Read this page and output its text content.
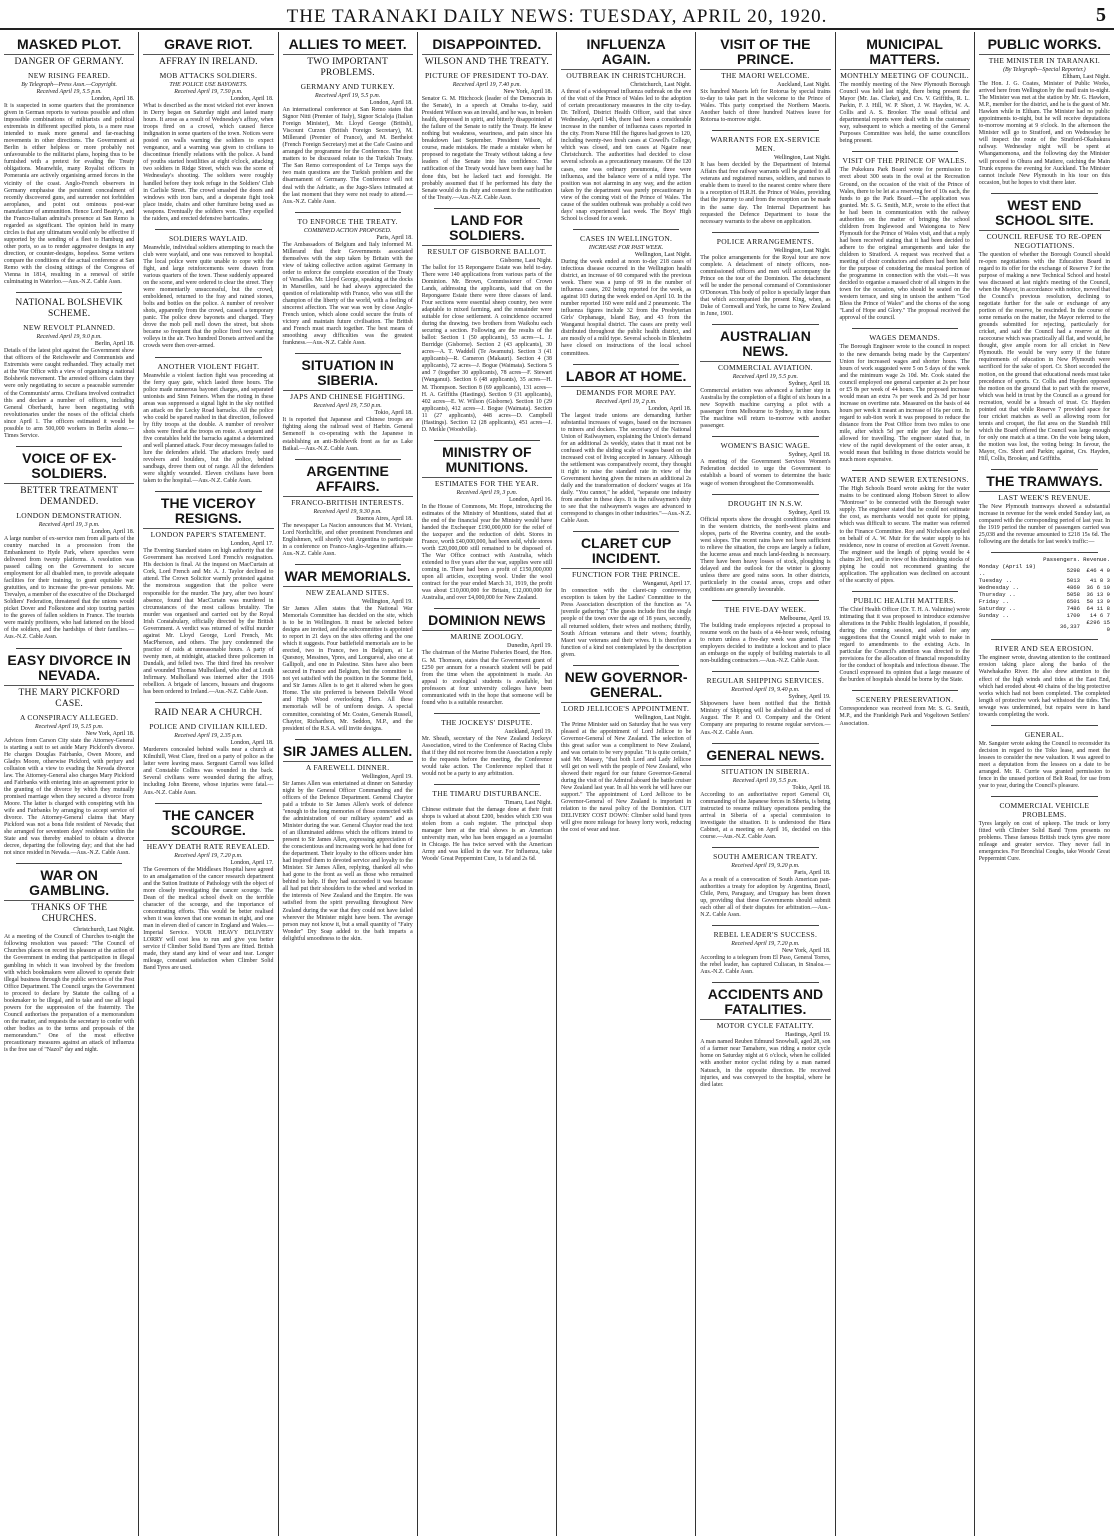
THE TARANAKI DAILY NEWS: TUESDAY, APRIL 20, 1920.	5
MASKED PLOT.
DANGER OF GERMANY.
NEW RISING FEARED.
By Telegraph—Press Assn.—Copyright.
Received April 19, 5.5 p.m.
London, April 18.

It is suspected in some quarters that the prominence given in German reports to various possible and often impossible combinations of militarists and political extremists in different specified plots, is a mere ruse intended to mask more general and far-reaching movements in other directions. The Government at Berlin is either helpless or more probably not unfavourable to the militarist plans, hoping thus to be furnished with a pretext for evading the Treaty obligations. Meanwhile, many Royalist officers in Pomerania are actively organising armed forces in the vicinity of the coast. Anglo-French observers in Germany emphasise the persistent concealment of recently discovered guns, and surrender not forbidden aeroplanes, and point out ominous post-war manufacture of ammunition. Hence Lord Beatty's, and the Franco-Italian admiral's presence at San Remo is regarded as significant. The opinion held in many circles is that any ultimatum would only be effective if supported by the sending of a fleet to Hamburg and other ports, so as to render aggressive designs in any direction, or counter-designs, hopeless. Some writers compare the conditions of the actual conference at San Remo with the closing sittings of the Congress of Vienna in 1814, resulting in a renewal of strife culminating in Waterloo.—Aus.-N.Z. Cable Assn.

NATIONAL BOLSHEVIK SCHEME.
NEW REVOLT PLANNED.
Received April 19, 9.0 p.m.
Berlin, April 18.

Details of the latest plot against the Government show that officers of the Reichswehr and Communists and Extremists were caught redhanded. They actually met at the War Office with a view of organising a national Bolshevik movement. The arrested officers claim they were only negotiating to secure a peaceable surrender of the Communists' arms. Civilians involved contradict this and declare a number of officers, including General Oberhardt, have been negotiating with revolutionaries under the noses of the official chiefs since April 1. The officers estimated it would be possible to arm 500,000 workers in Berlin alone.—Times Service.

VOICE OF EX-SOLDIERS.
BETTER TREATMENT DEMANDED.
LONDON DEMONSTRATION.
Received April 19, 3 p.m.
London, April 18.

A large number of ex-service men from all parts of the country marched in a procession from the Embankment to Hyde Park, where speeches were delivered from twenty platforms. A resolution was passed calling on the Government to secure employment for all disabled men, to provide adequate facilities for their training, to grant equitable war gratuities, and to increase the pre-war pensions. Mr. Trevalyn, a member of the executive of the Discharged Soldiers' Federation, threatened that the unions would picket Dover and Folkestone and stop touring parties to the graves of fallen soldiers in France. The tourists were mainly profiteers, who had fattened on the blood of the soldiers, and the hardships of their families.—Aus.-N.Z. Cable Assn.

EASY DIVORCE IN NEVADA.
THE MARY PICKFORD CASE.
A CONSPIRACY ALLEGED.
Received April 19, 5.15 p.m.
New York, April 18.

Advices from Carson City state the Attorney-General is starting a suit to set aside Mary Pickford's divorce. He charges Douglas Fairbanks, Owen Moore, and Gladys Moore, otherwise Pickford, with perjury and collusion with a view to evading the Nevada divorce law. The Attorney-General also charges Mary Pickford and Fairbanks with entering into an agreement prior to the granting of the divorce by which they mutually promised marriage when they secured a divorce from Moore. The latter is charged with conspiring with his wife and Fairbanks by arranging to accept service of divorce. The Attorney-General claims that Mary Pickford was not a bona fide resident of Nevada; that she arranged for seventeen days' residence within the State and was thereby enabled to obtain a divorce decree, departing the following day; and that she had not since resided in Nevada.—Aus.-N.Z. Cable Assn.

WAR ON GAMBLING.
THANKS OF THE CHURCHES.
Christchurch, Last Night.

At a meeting of the Council of Churches to-night the following resolution was passed: "The Council of Churches places on record its pleasure at the action of the Government in ending that participation in illegal gambling in which it was involved by the freedom with which bookmakers were allowed to operate their illegal business through the public services of the Post Office Department. The Council urges the Government to proceed to declare by Statute the calling of a bookmaker to be illegal, and to take and use all legal powers for the suppression of the fraternity. The Council authorises the preparation of a memorandum on the matter, and requests the secretary to confer with other bodies as to the terms and proposals of the memorandum." One of the most effective precautionary measures against an attack of influenza is the free use of "Nazol" day and night.

GRAVE RIOT.
AFFRAY IN IRELAND.
MOB ATTACKS SOLDIERS.
THE POLICE USE BAYONETS.
Received April 19, 7.50 p.m.
London, April 18.

What is described as the most wicked riot ever known in Derry began on Saturday night and lasted many hours. It arose as a result of Wednesday's affray, when troops fired on a crowd, which caused fierce indignation in some quarters of the town. Notices were posted on walls warning the soldiers to expect vengeance, and a warning was given to civilians to discontinue friendly relations with the police. A band of youths started hostilities at eight o'clock, attacking two soldiers in Ridge Street, which was the scene of Wednesday's shooting. The soldiers were roughly handled before they took refuge in the Soldiers' Club in Carlisle Street. The crowd smashed the doors and windows with iron bars, and a desperate fight took place inside, chairs and other furniture being used as weapons. Eventually the soldiers won. They expelled the raiders, and erected defensive barricades.

SOLDIERS WAYLAID.

Meanwhile, individual soldiers attempting to reach the club were waylaid, and one was removed to hospital. The local police were quite unable to cope with the fight, and large reinforcements were drawn from various quarters of the town. These suddenly appeared on the scene, and were ordered to clear the street. They were momentarily unsuccessful, but the crowd, emboldened, returned to the fray and rained stones, bolts and bottles on the police. A number of revolver shots, apparently from the crowd, caused a temporary panic. The police drew bayonets and charged. They drove the mob pell mell down the street, but shots became so frequent that the police fired two warning volleys in the air. Two hundred Dorsets arrived and the crowds were then over-armed.

ANOTHER VIOLENT FIGHT.

Meanwhile a violent faction fight was proceeding at the ferry quay gate, which lasted three hours. The police made numerous bayonet charges, and separated unionists and Sinn Feiners. When the rioting in these areas was suppressed a signal light in the sky notified an attack on the Lecky Road barracks. All the police who could be spared rushed in that direction, followed by fifty troops at the double. A number of revolver shots were fired at the troops en route. A sergeant and five constables held the barracks against a determined and well planned attack. Four decoy messages failed to lure the defenders afield. The attackers freely used revolvers and boulders, but the police, behind sandbags, drove them out of range. All the defenders were slightly wounded. Eleven civilians have been taken to the hospital.—Aus.-N.Z. Cable Assn.

THE VICEROY RESIGNS.
LONDON PAPER'S STATEMENT.
London, April 17.

The Evening Standard states on high authority that the Government has received Lord French's resignation. His decision is final. At the inquest on MacCurtain at Cork, Lord French and Mr. A. J. Taylor declined to attend. The Crown Solicitor warmly protested against the monstrous suggestion that the police were responsible for the murder. The jury, after two hours' absence, found that MacCurtain was murdered in circumstances of the most callous brutality. The murder was organised and carried out by the Royal Irish Constabulary, officially directed by the British Government. A verdict was returned of wilful murder against Mr. Lloyd George, Lord French, Mr. MacPherson, and others. The jury condemned the practice of raids at unreasonable hours. A party of twenty men, at midnight, attacked three policemen in Dundalk, and felled two. The third fired his revolver and wounded Thomas Mulholland, who died at Louth Infirmary. Mulholland was interned after the 1916 rebellion. A brigade of lancers, hussars and dragoons has been ordered to Ireland.—Aus.-N.Z. Cable Assn.

RAID NEAR A CHURCH.
POLICE AND CIVILIAN KILLED.
Received April 19, 2.35 p.m.
London, April 18.

Murderers concealed behind walls near a church at Kilmihill, West Clare, fired on a party of police as the latter were leaving mass. Sergeant Carroll was killed and Constable Collins was wounded in the back. Several civilians were wounded during the affray, including John Breene, whose injuries were fatal.—Aus.-N.Z. Cable Assn.

THE CANCER SCOURGE.
HEAVY DEATH RATE REVEALED.
Received April 19, 7.20 p.m.
London, April 17.

The Governors of the Middlesex Hospital have agreed to an amalgamation of the cancer research department and the Sutton Institute of Pathology with the object of more closely investigating the cancer scourge. The Dean of the medical school dwelt on the terrible character of the scourge, and the importance of concentrating efforts. This would be better realised when it was known that one woman in eight, and one man in eleven died of cancer in England and Wales.—Imperial Service. YOUR HEAVY DELIVERY LORRY will cost less to run and give you better service if Climber Solid Band Tyres are fitted. British made, they stand any kind of wear and tear. Longer mileage, constant satisfaction when Climber Solid Band Tyres are used.

ALLIES TO MEET.
TWO IMPORTANT PROBLEMS.
GERMANY AND TURKEY.
Received April 19, 5.5 p.m.
London, April 18.

An international conference at San Remo states that Signor Nitti (Premier of Italy), Signor Scialoja (Italian Foreign Minister), Mr. Lloyd George (British), Viscount Curzon (British Foreign Secretary), M. Millerand (Premier of France), and M. Berthelot (French Foreign Secretary) met at the Cafe Casino and arranged the programme for the Conference. The first matters to be discussed relate to the Turkish Treaty. The San Remo correspondent of Le Temps says the two main questions are the Turkish problem and the disarmament of Germany. The Conference will not deal with the Adriatic, as the Jugo-Slavs intimated at the last moment that they were not ready to attend.—Aus.-N.Z. Cable Assn.

TO ENFORCE THE TREATY.
COMBINED ACTION PROPOSED.
Paris, April 18.

The Ambassadors of Belgium and Italy informed M. Millerand that their Governments associated themselves with the step taken by Britain with the view of taking collective action against Germany in order to enforce the complete execution of the Treaty of Versailles. Mr. Lloyd George, speaking at the docks in Marseilles, said he had always appreciated the question of relationship with France, who was still the champion of the liberty of the world, with a feeling of sincerest affection. The war was won by close Anglo-French union, which alone could secure the fruits of victory and maintain future civilisation. The British and French must march together. The best means of smoothing away difficulties was the greatest frankness.—Aus.-N.Z. Cable Assn.

SITUATION IN SIBERIA.
JAPS AND CHINESE FIGHTING.
Received April 19, 7.50 p.m.
Tokio, April 18.

It is reported that Japanese and Chinese troops are fighting along the railroad west of Harbin. General Semenoff is co-operating with the Japanese in establishing an anti-Bolshevik front as far as Lake Baikal.—Aus.-N.Z. Cable Assn.

ARGENTINE AFFAIRS.
FRANCO-BRITISH INTERESTS.
Received April 19, 9.30 p.m.
Buenos Aires, April 18.

The newspaper La Nacion announces that M. Viviani, Lord Northcliffe, and other prominent Frenchmen and Englishmen, will shortly visit Argentina to participate in a conference on Franco-Anglo-Argentine affairs.—Aus.-N.Z. Cable Assn.

WAR MEMORIALS.
NEW ZEALAND SITES.
Wellington, April 19.

Sir James Allen states that the National War Memorials Committee has decided on the site, which is to be in Wellington. It must be selected before designs are invited, and the subcommittee is appointed to report in 21 days on the sites offering and the one which it suggests. Four battlefield memorials are to be erected, two in France, two in Belgium, at Le Quesnoy, Messines, Ypres, and Longueval, also one at Gallipoli, and one in Palestine. Sites have also been secured in France and Belgium, but the committee is not yet satisfied with the position in the Somme field, and Sir James Allen is to get it altered when he goes Home. The site preferred is between Delville Wood and High Wood overlooking Flers. All these memorials will be of uniform design. A special committee, consisting of Mr. Coates, Generals Russell, Chaytor, Richardson, Mr. Seddon, M.P., and the president of the R.S.A. will invite designs.

SIR JAMES ALLEN.
A FAREWELL DINNER.
Wellington, April 19.

Sir James Allen was entertained at dinner on Saturday night by the General Officer Commanding and the officers of the Defence Department. General Chaytor paid a tribute to Sir James Allen's work of defence "enough to the long memories of those connected with the administration of our military system" and as Minister during the war. General Chaytor read the text of an illuminated address which the officers intend to present to Sir James Allen, expressing appreciation of the conscientious and increasing work he had done for the department. Their loyalty to the officers under him had inspired them to devoted service and loyalty to the Minister. Sir James Allen, replying, thanked all who had gone to the front as well as those who remained behind to help. If they had succeeded it was because all had put their shoulders to the wheel and worked in the interests of New Zealand and the Empire. He was satisfied from the spirit prevailing throughout New Zealand during the war that they could not have failed wherever the Minister might have been. The average person may not know it, but a small quantity of "Fairy Wonder" Dry Soap added to the bath imparts a delightful smoothness to the skin.

DISAPPOINTED.
WILSON AND THE TREATY.
PICTURE OF PRESIDENT TO-DAY.
Received April 19, 7.40 p.m.
New York, April 18.

Senator G. M. Hitchcock (leader of the Democrats in the Senate), in a speech at Omaha to-day, said President Wilson was an invalid, and he was, in broken health, depressed in spirit, and bitterly disappointed at the failure of the Senate to ratify the Treaty. He knew nothing but weakness, weariness, and pain since his breakdown last September. President Wilson, of course, made mistakes. He made a mistake when he proposed to negotiate the Treaty without taking a few leaders of the Senate into his confidence. The ratification of the Treaty would have been easy had he done this, but he lacked tact and foresight. He probably assumed that if he performed his duty the Senate would do its duty and consent to the ratification of the Treaty.—Aus.-N.Z. Cable Assn.

LAND FOR SOLDIERS.
RESULT OF GISBORNE BALLOT.
Gisborne, Last Night.

The ballot for 15 Repongaere Estate was held to-day. There were 140 applications from various parts of the Dominion. Mr. Brown, Commissioner of Crown Lands, addressing the applicants, said that on the Repongaere Estate there were three classes of land. Four sections were essential sheep country, two were adaptable to mixed farming, and the remainder were suitable for close settlement. A coincidence occurred during the drawing, two brothers from Waikohu each securing a section. Following are the results of the ballot: Section 1 (50 applicants), 53 acres—L. J. Burridge (Gisborne). Section 2 (43 applicants), 30 acres—A. T. Waddell (Te Awamutu). Section 3 (41 applicants)—R. Cameron (Makauri). Section 4 (38 applicants), 72 acres—J. Bogue (Waimata). Sections 5 and 7 (together 30 applicants), 78 acres—F. Stewart (Wanganui). Section 6 (48 applicants), 35 acres—H. M. Thompson. Section 8 (69 applicants), 131 acres—H. A. Griffiths (Hastings). Section 9 (31 applicants), 402 acres—E. W. Wilson (Gisborne). Section 10 (29 applicants), 412 acres—J. Bogue (Waimata). Section 11 (27 applicants), 448 acres—D. Campbell (Hastings). Section 12 (28 applicants), 451 acres—J. D. Meikle (Woodville).

MINISTRY OF MUNITIONS.
ESTIMATES FOR THE YEAR.
Received April 19, 3 p.m.
London, April 16.

In the House of Commons, Mr. Hope, introducing the estimates of the Ministry of Munitions, stated that at the end of the financial year the Ministry would have handed the Exchequer £190,000,000 for the relief of the taxpayer and the reduction of debt. Stores in France, worth £40,000,000, had been sold, while stores worth £20,000,000 still remained to be disposed of. The War Office contract with Australia, which extended to five years after the war, supplies were still coming in. There had been a profit of £150,000,000 upon all articles, excepting wool. Under the wool contract for the year ended March 31, 1919, the profit was about £10,000,000 for Britain, £12,000,000 for Australia, and over £4,000,000 for New Zealand.

DOMINION NEWS
MARINE ZOOLOGY.
Dunedin, April 19.

The chairman of the Marine Fisheries Board, the Hon. G. M. Thomson, states that the Government grant of £250 per annum for a research student will be paid from the time when the appointment is made. An appeal to zoological students is available, but professors at four university colleges have been communicated with in the hope that someone will be found who is a suitable researcher.

THE JOCKEYS' DISPUTE.
Auckland, April 19.

Mr. Sheath, secretary of the New Zealand Jockeys' Association, wired to the Conference of Racing Clubs that if they did not receive from the Association a reply to the requests before the meeting, the Conference would take action. The Conference replied that it would not be a party to any arbitration.

THE TIMARU DISTURBANCE.
Timaru, Last Night.

Chinese estimate that the damage done at their fruit shops is valued at about £200, besides which £30 was stolen from a cash register. The principal shop manager here at the trial shows is an American university man, who has been engaged as a journalist in Chicago. He has twice served with the American Army and was killed in the war. For Influenza, take Woods' Great Peppermint Cure, 1s 6d and 2s 6d.

INFLUENZA AGAIN.
OUTBREAK IN CHRISTCHURCH.
Christchurch, Last Night.

A threat of a widespread influenza outbreak on the eve of the visit of the Prince of Wales led to the adoption of certain precautionary measures in the city to-day. Dr. Telford, District Health Officer, said that since Wednesday, April 14th, there had been a considerable increase in the number of influenza cases reported in the city. From Nurse Hill the figures had grown to 120, including twenty-two fresh cases at Cowell's College, which was closed, and ten cases at Ngaire near Christchurch. The authorities had decided to close several schools as a precautionary measure. Of the 120 cases, one was ordinary pneumonia, three were influenza, and the balance were of a mild type. The position was not alarming in any way, and the action taken by the department was purely precautionary in view of the coming visit of the Prince of Wales. The cause of the sudden outbreak was probably a cold two days' snap experienced last week. The Boys' High School is closed for a week.

CASES IN WELLINGTON.
INCREASE FOR PAST WEEK.
Wellington, Last Night.

During the week ended at noon to-day 218 cases of infectious disease occurred in the Wellington health district, an increase of 60 compared with the previous week. There was a jump of 99 in the number of influenza cases, 202 being reported for the week, as against 103 during the week ended on April 10. In the number reported 160 were mild and 2 pneumonic. The influenza figures include 32 from the Presbyterian Girls' Orphanage, Island Bay, and 43 from the Wanganui hospital district. The cases are pretty well distributed throughout the public health district, and are mostly of a mild type. Several schools in Blenheim have closed on instructions of the local school committees.

LABOR AT HOME.
DEMANDS FOR MORE PAY.
Received April 19, 2 p.m.
London, April 18.

The largest trade unions are demanding further substantial increases of wages, based on the increases to miners and dockers. The secretary of the National Union of Railwaymen, explaining the Union's demand for an additional 2s weekly, states that it must not be confused with the sliding scale of wages based on the increased cost of living accepted in January. Although the settlement was comparatively recent, they thought it right to raise the standard rate in view of the Government having given the miners an additional 2s daily and the transformation of dockers' wages at 16s daily. "You cannot," he added, "separate one industry from another in these days. It is the railwaymen's duty to see that the railwaymen's wages are advanced to correspond to changes in other industries."—Aus.-N.Z. Cable Assn.

CLARET CUP INCIDENT.
FUNCTION FOR THE PRINCE.
Wanganui, April 17.

In connection with the claret-cup controversy, exception is taken by the Ladies' Committee to the Press Association description of the function as "A juvenile gathering." The guests include first the single people of the town over the age of 18 years, secondly, all returned soldiers, their wives and mothers; thirdly, South African veterans and their wives; fourthly, Maori war veterans and their wives. It is therefore a function of a kind not contemplated by the description given.

NEW GOVERNOR-GENERAL.
LORD JELLICOE'S APPOINTMENT.
Wellington, Last Night.

The Prime Minister said on Saturday that he was very pleased at the appointment of Lord Jellicoe to be Governor-General of New Zealand. The selection of this great sailor was a compliment to New Zealand, and was certain to be very popular. "It is quite certain," said Mr. Massey, "that both Lord and Lady Jellicoe will get on well with the people of New Zealand, who showed their regard for our future Governor-General during the visit of the Admiral aboard the battle cruiser New Zealand last year. In all his work he will have our support." The appointment of Lord Jellicoe to be Governor-General of New Zealand is important in relation to the naval policy of the Dominion. CUT DELIVERY COST DOWN: Climber solid band tyres will give more mileage for heavy lorry work, reducing the cost of wear and tear.

VISIT OF THE PRINCE.
THE MAORI WELCOME.
Auckland, Last Night.

Six hundred Maoris left for Rotorua by special trains to-day to take part in the welcome to the Prince of Wales. This party comprised the Northern Maoris. Another batch of three hundred Natives leave for Rotorua to-morrow night.

WARRANTS FOR EX-SERVICE MEN.
Wellington, Last Night.

It has been decided by the Department of Internal Affairs that free railway warrants will be granted to all veterans and registered nurses, soldiers, and nurses to enable them to travel to the nearest centre where there is a reception of H.R.H. the Prince of Wales, providing that the journey to and from the reception can be made in the same day. The Internal Department has requested the Defence Department to issue the necessary warrants to the above on application.

POLICE ARRANGEMENTS.
Wellington, Last Night.

The police arrangements for the Royal tour are now complete. A detachment of ninety officers, non-commissioned officers and men will accompany the Prince on the tour of the Dominion. The detachment will be under the personal command of Commissioner O'Donovan. This body of police is specially larger than that which accompanied the present King, when, as Duke of Cornwall and York, he came to New Zealand in June, 1901.

AUSTRALIAN NEWS.
COMMERCIAL AVIATION.
Received April 19, 5.5 p.m.
Sydney, April 18.

Commercial aviation was advanced a further step in Australia by the completion of a flight of six hours in a new Sopwith machine carrying a pilot with a passenger from Melbourne to Sydney, in nine hours. The machine will return to-morrow with another passenger.

WOMEN'S BASIC WAGE.
Sydney, April 18.

A meeting of the Government Services Women's Federation decided to urge the Government to establish a board of women to determine the basic wage of women throughout the Commonwealth.

DROUGHT IN N.S.W.
Sydney, April 19.

Official reports show the drought conditions continue in the western districts, the north-west plains and slopes, parts of the Riverina country, and the south-west slopes. The recent rains have not been sufficient to relieve the situation, the crops are largely a failure, the lucerne areas and much land-feeding is necessary. There have been heavy losses of stock, ploughing is delayed and the outlook for the winter is gloomy unless there are good rains soon. In other districts, particularly in the coastal areas, crops and other conditions are generally favourable.

THE FIVE-DAY WEEK.
Melbourne, April 19.

The building trade employees rejected a proposal to resume work on the basis of a 44-hour week, refusing to return unless a five-day week was granted. The employers decided to institute a lockout and to place an embargo on the supply of building materials to all non-building contractors.—Aus.-N.Z. Cable Assn.

REGULAR SHIPPING SERVICES.
Received April 19, 9.40 p.m.
Sydney, April 19.

Shipowners have been notified that the British Ministry of Shipping will be abolished at the end of August. The P. and O. Company and the Orient Company are preparing to resume regular services.—Aus.-N.Z. Cable Assn.

GENERAL NEWS.
SITUATION IN SIBERIA.
Received April 19, 5.5 p.m.
Tokio, April 18.

According to an authoritative report General Oi, commanding of the Japanese forces in Siberia, is being instructed to resume military operations pending the arrival in Siberia of a special commission to investigate the situation. It is understood the Hara Cabinet, at a meeting on April 16, decided on this course.—Aus.-N.Z. Cable Assn.

SOUTH AMERICAN TREATY.
Received April 19, 9.20 p.m.
Paris, April 18.

As a result of a convocation of South American pan-authorities a treaty for adoption by Argentina, Brazil, Chile, Peru, Paraguay, and Uruguay has been drawn up, providing that these Governments should submit each other all of their disputes for arbitration.—Aus.-N.Z. Cable Assn.

REBEL LEADER'S SUCCESS.
Received April 19, 7.20 p.m.
New York, April 18.

According to a telegram from El Paso, General Torres, the rebel leader, has captured Culiacan, in Sinaloa.—Aus.-N.Z. Cable Assn.

ACCIDENTS AND FATALITIES.
MOTOR CYCLE FATALITY.
Hastings, April 19.

A man named Reuben Edmund Snowball, aged 28, son of a farmer near Tamahere, was riding a motor cycle home on Saturday night at 6 o'clock, when he collided with another motor cyclist riding by a man named Natusch, in the opposite direction. He received injuries, and was conveyed to the hospital, where he died later.

MUNICIPAL MATTERS.
MONTHLY MEETING OF COUNCIL.

The monthly meeting of the New Plymouth Borough Council was held last night, there being present the Mayor (Mr. Jas. Clarke), and Crs. V. Griffiths, R. L. Parkin, F. J. Hill, W. P. Short, J. W. Hayden, W. A. Collis and A. S. Brooker. The usual official and departmental reports were dealt with in the customary way, subsequent to which a meeting of the General Purposes Committee was held, the same councillors being present.

VISIT OF THE PRINCE OF WALES.

The Pukekura Park Board wrote for permission to erect about 300 seats in the oval at the Recreation Ground, on the occasion of the visit of the Prince of Wales, there to be let at a reserving fee of 10s each, the funds to go the Park Board.—The application was granted. Mr. S. G. Smith, M.P., wrote to the effect that he had been in communication with the railway authorities on the matter of bringing the school children from Inglewood and Waiongona to New Plymouth for the Prince of Wales visit, and that a reply had been received stating that it had been decided to adhere to the original arrangements and take the children to Stratford. A request was received that a meeting of choir conductors and others had been held for the purpose of considering the musical portion of the programme in connection with the visit.—It was decided to organise a massed choir of all singers in the town for the occasion, who should be seated on the western terrace, and sing in unison the anthem "God Bless the Prince of Wales" and the chorus of the song "Land of Hope and Glory." The proposal received the approval of the council.

WAGES DEMANDS.

The Borough Engineer wrote to the council in respect to the new demands being made by the Carpenters' Union for increased wages and shorter hours. The hours of work suggested were 5 on 5 days of the week and the minimum wage 2s 10d. Mr. Cook stated the council employed one general carpenter at 2s per hour or £5 8s per week of 44 hours. The proposed increase would mean an extra 7s per week and 2s 3d per hour increase on overtime rate. Measured on the basis of 44 hours per week it meant an increase of 16s per cent. In regard to sub-tion work it was proposed to reduce the distance from the Post Office from two miles to one mile, after which 5d per mile per day had to be allowed for travelling. The engineer stated that, in view of the rapid development of the outer areas, it would mean that building in those districts would be much more expensive.

WATER AND SEWER EXTENSIONS.

The High Schools Board wrote asking for the water mains to be continued along Hobson Street to allow "Montrose" to be connected with the Borough water supply. The engineer stated that he could not estimate the cost, as merchants would not quote for piping, which was difficult to secure. The matter was referred to the Finance Committee. Roy and Nicholson applied on behalf of A. W. Muir for the water supply to his residence, now in course of erection at Govett Avenue. The engineer said the length of piping would be 4 chains 20 feet, and in view of his diminishing stocks of piping he could not recommend granting the application. The application was declined on account of the scarcity of pipes.

PUBLIC HEALTH MATTERS.

The Chief Health Officer (Dr. T. H. A. Valintine) wrote intimating that it was proposed to introduce extensive alterations in the Public Health legislation, if possible, during the coming session, and asked for any suggestions that the Council might wish to make in regard to amendments to the existing Acts. In particular the Council's attention was directed to the provisions for the allocation of financial responsibility for the conduct of hospitals and infectious disease. The Council expressed its opinion that a large measure of the burden of hospitals should be borne by the State.

SCENERY PRESERVATION.

Correspondence was received from Mr. S. G. Smith, M.P., and the Frankleigh Park and Vogeltown Settlers' Association.

PUBLIC WORKS.
THE MINISTER IN TARANAKI.
(By Telegraph—Special Reporter.)
Eltham, Last Night.

The Hon. J. G. Coates, Minister of Public Works, arrived here from Wellington by the mail train to-night. The Minister was met at the station by Mr. G. Hawken, M.P., member for the district, and he is the guest of Mr. Hawken while in Eltham. The Minister had no public appointments to-night, but he will receive deputations to-morrow morning at 9 o'clock. In the afternoon the Minister will go to Stratford, and on Wednesday he will inspect the route of the Stratford-Okahukura railway. Wednesday night will be spent at Whangamomona, and the following day the Minister will proceed to Ohura and Matiere, catching the Main Trunk express the evening for Auckland. The Minister cannot include New Plymouth in his tour on this occasion, but he hopes to visit there later.

WEST END SCHOOL SITE.
COUNCIL REFUSE TO RE-OPEN NEGOTIATIONS.

The question of whether the Borough Council should re-open negotiations with the Education Board in regard to its offer for the exchange of Reserve 7 for the purpose of making a new Technical School and hostel was discussed at last night's meeting of the Council, when the Mayor, in accordance with notice, moved that the Council's previous resolution, declining to negotiate further for the sale or exchange of any portion of the reserve, be rescinded. In the course of some remarks on the matter, the Mayor referred to the grounds submitted for rejecting, particularly for cricket, and said the Council had a reserve at the racecourse which was practically all flat, and would, he thought, give ample room for all cricket in New Plymouth. He would be very sorry if the future requirements of education in New Plymouth were sacrificed for the sake of sport. Cr. Short seconded the motion, on the ground that educational needs must take precedence of sports. Cr. Collis and Hayden opposed the motion on the ground that to part with the reserve, which was held in trust by the Council as a ground for recreation, would be a breach of trust. Cr. Hayden pointed out that while Reserve 7 provided space for four cricket matches as well as allowing room for tennis and croquet, the flat area on the Standish Hill which the Board offered the Council was large enough for only one match at a time. On the vote being taken, the motion was lost, the voting being: In favour, the Mayor, Crs. Short and Parkin; against, Crs. Hayden, Hill, Collis, Brooker, and Griffiths.

THE TRAMWAYS.
LAST WEEK'S REVENUE.

The New Plymouth tramways showed a substantial increase in revenue for the week ended Sunday last, as compared with the corresponding period of last year. In the 1919 period the number of passengers carried was 25,038 and the revenue amounted to £218 15s 6d. The following are the details for last week's traffic:—

	Passengers.	Revenue.
Monday (April 19) ..	5298	£46 4 0
Tuesday ..	5013	41 8 3
Wednesday ..	4860	36 6 10
Thursday ..	5058	36 13 9
Friday ..	6501	50 13 9
Saturday ..	7486	64 11 8
Sunday ..	1709	14 6 7
	36,337	£296 15 0
RIVER AND SEA EROSION.

The engineer wrote, drawing attention to the continued erosion taking place along the banks of the Waiwhakaiho River. He also drew attention to the effect of the high winds and tides at the East End, which had eroded about 40 chains of the big protective works which had not been completed. The completed length of protective work had withstood the tides. The sewage was undermined, but repairs were in hand towards completing the work.

GENERAL.

Mr. Sangster wrote asking the Council to reconsider its decision in regard to the Toko lease, and meet the lessees to consider the new valuation. It was agreed to meet a deputation from the lessees on a date to be arranged. Mr. R. Currie was granted permission to fence in the unused portion of Belt Road, for use from year to year, during the Council's pleasure.

COMMERCIAL VEHICLE PROBLEMS.

Tyres largely on cost of upkeep. The truck or lorry fitted with Climber Solid Band Tyres presents no problems. These famous British truck tyres give more mileage and greater service. They never fail in emergencies. For Bronchial Coughs, take Woods' Great Peppermint Cure.
